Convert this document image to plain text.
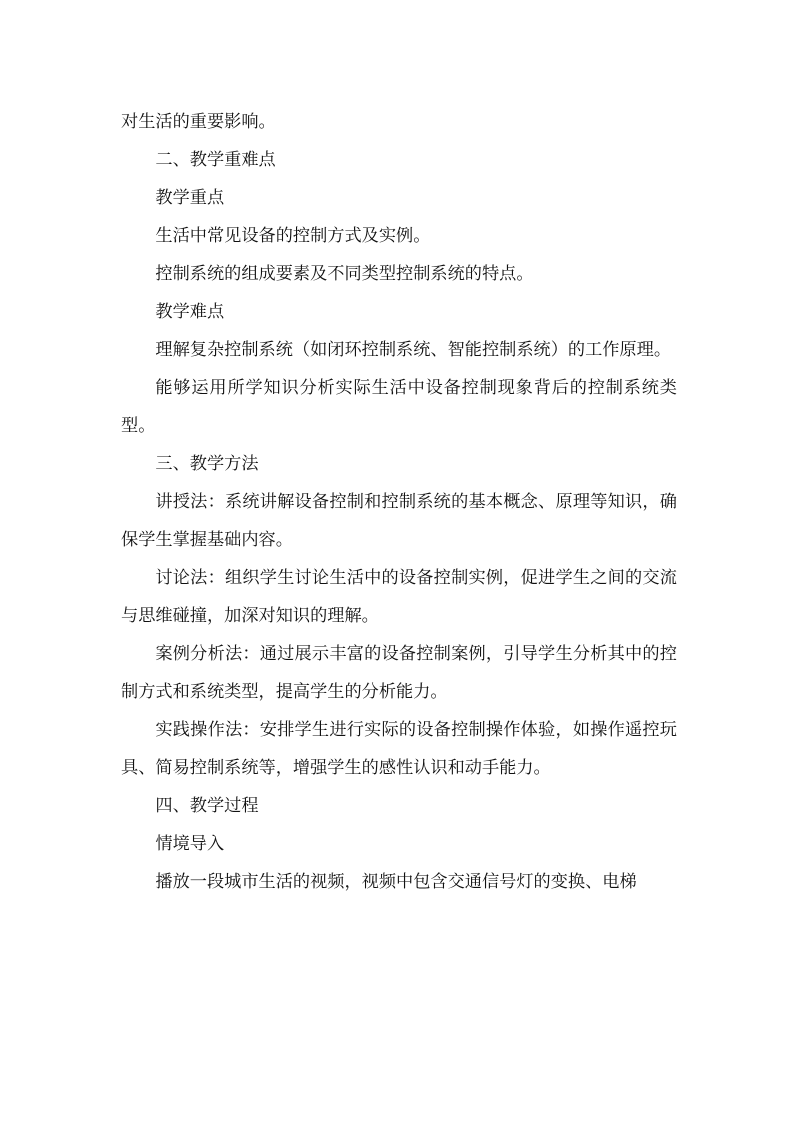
对生活的重要影响。

二、教学重难点

教学重点

生活中常见设备的控制方式及实例。

控制系统的组成要素及不同类型控制系统的特点。

教学难点

理解复杂控制系统（如闭环控制系统、智能控制系统）的工作原理。

能够运用所学知识分析实际生活中设备控制现象背后的控制系统类型。

三、教学方法

讲授法：系统讲解设备控制和控制系统的基本概念、原理等知识，确保学生掌握基础内容。

讨论法：组织学生讨论生活中的设备控制实例，促进学生之间的交流与思维碰撞，加深对知识的理解。

案例分析法：通过展示丰富的设备控制案例，引导学生分析其中的控制方式和系统类型，提高学生的分析能力。

实践操作法：安排学生进行实际的设备控制操作体验，如操作遥控玩具、简易控制系统等，增强学生的感性认识和动手能力。

四、教学过程

情境导入

播放一段城市生活的视频，视频中包含交通信号灯的变换、电梯
